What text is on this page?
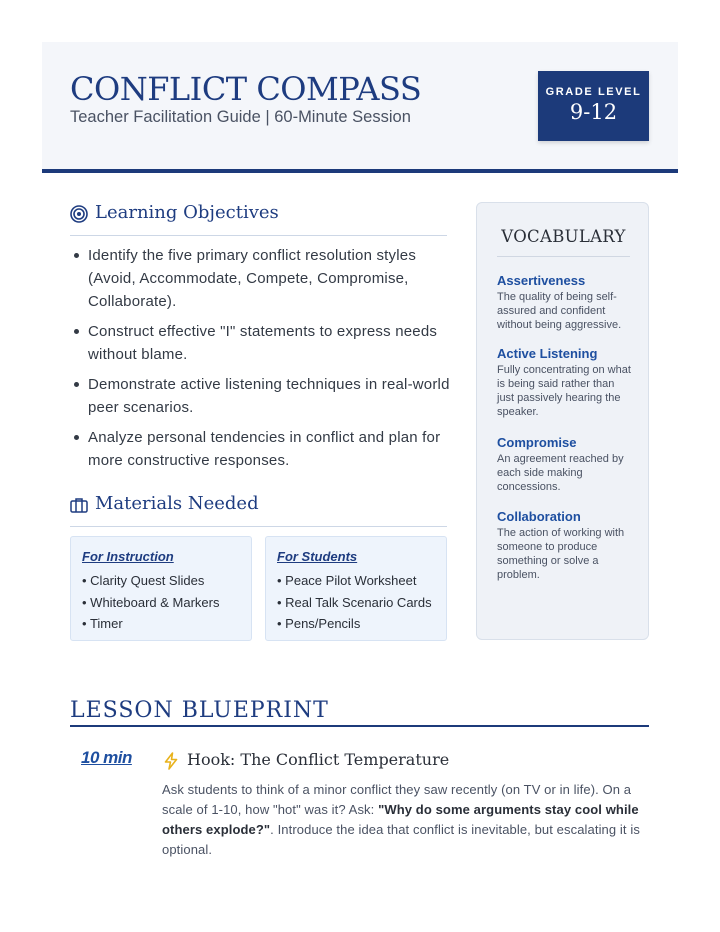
CONFLICT COMPASS
Teacher Facilitation Guide | 60-Minute Session
GRADE LEVEL
9-12
Learning Objectives
Identify the five primary conflict resolution styles (Avoid, Accommodate, Compete, Compromise, Collaborate).
Construct effective "I" statements to express needs without blame.
Demonstrate active listening techniques in real-world peer scenarios.
Analyze personal tendencies in conflict and plan for more constructive responses.
Materials Needed
For Instruction
• Clarity Quest Slides
• Whiteboard & Markers
• Timer
For Students
• Peace Pilot Worksheet
• Real Talk Scenario Cards
• Pens/Pencils
VOCABULARY
Assertiveness
The quality of being self-assured and confident without being aggressive.
Active Listening
Fully concentrating on what is being said rather than just passively hearing the speaker.
Compromise
An agreement reached by each side making concessions.
Collaboration
The action of working with someone to produce something or solve a problem.
LESSON BLUEPRINT
10 min	Hook: The Conflict Temperature

Ask students to think of a minor conflict they saw recently (on TV or in life). On a scale of 1-10, how "hot" was it? Ask: "Why do some arguments stay cool while others explode?". Introduce the idea that conflict is inevitable, but escalating it is optional.
